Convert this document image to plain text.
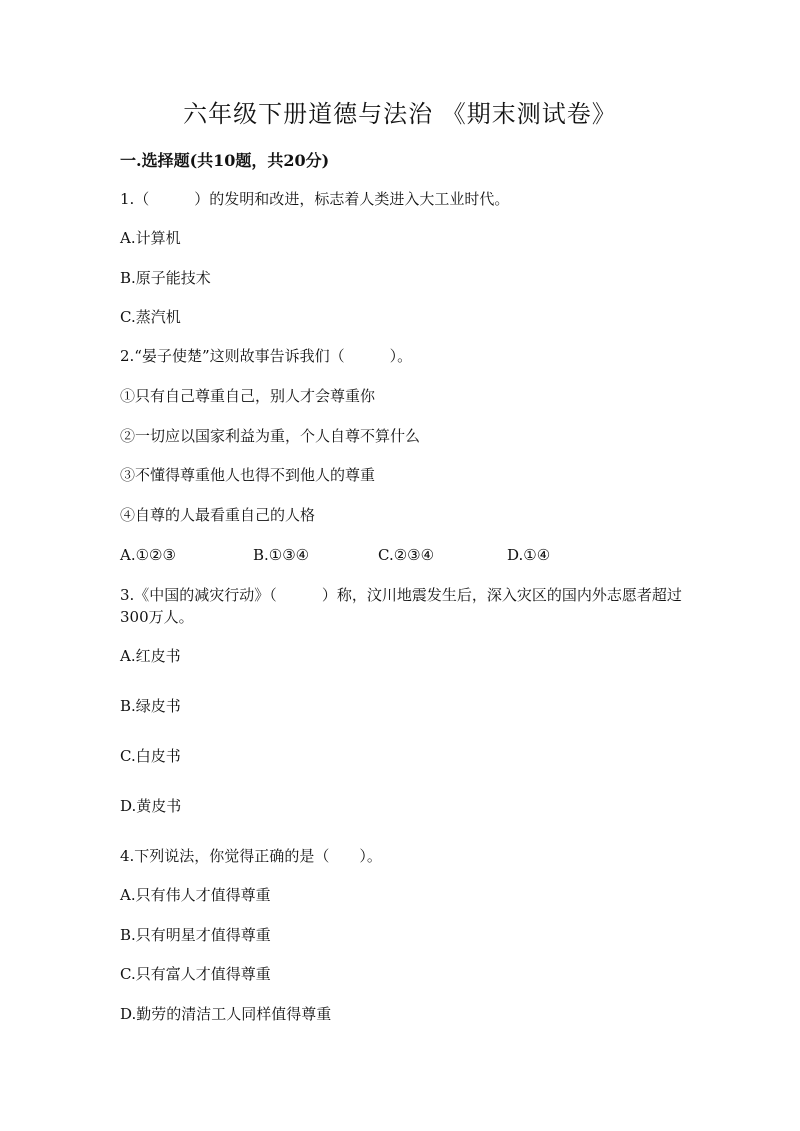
六年级下册道德与法治 《期末测试卷》
一.选择题(共10题，共20分)
1.（　　　）的发明和改进，标志着人类进入大工业时代。
A.计算机
B.原子能技术
C.蒸汽机
2.“晏子使楚”这则故事告诉我们（　　　）。
①只有自己尊重自己，别人才会尊重你
②一切应以国家利益为重，个人自尊不算什么
③不懂得尊重他人也得不到他人的尊重
④自尊的人最看重自己的人格
A.①②③	B.①③④	C.②③④	D.①④
3.《中国的减灾行动》（　　　）称，汶川地震发生后，深入灾区的国内外志愿者超过300万人。
A.红皮书
B.绿皮书
C.白皮书
D.黄皮书
4.下列说法，你觉得正确的是（　　）。
A.只有伟人才值得尊重
B.只有明星才值得尊重
C.只有富人才值得尊重
D.勤劳的清洁工人同样值得尊重
